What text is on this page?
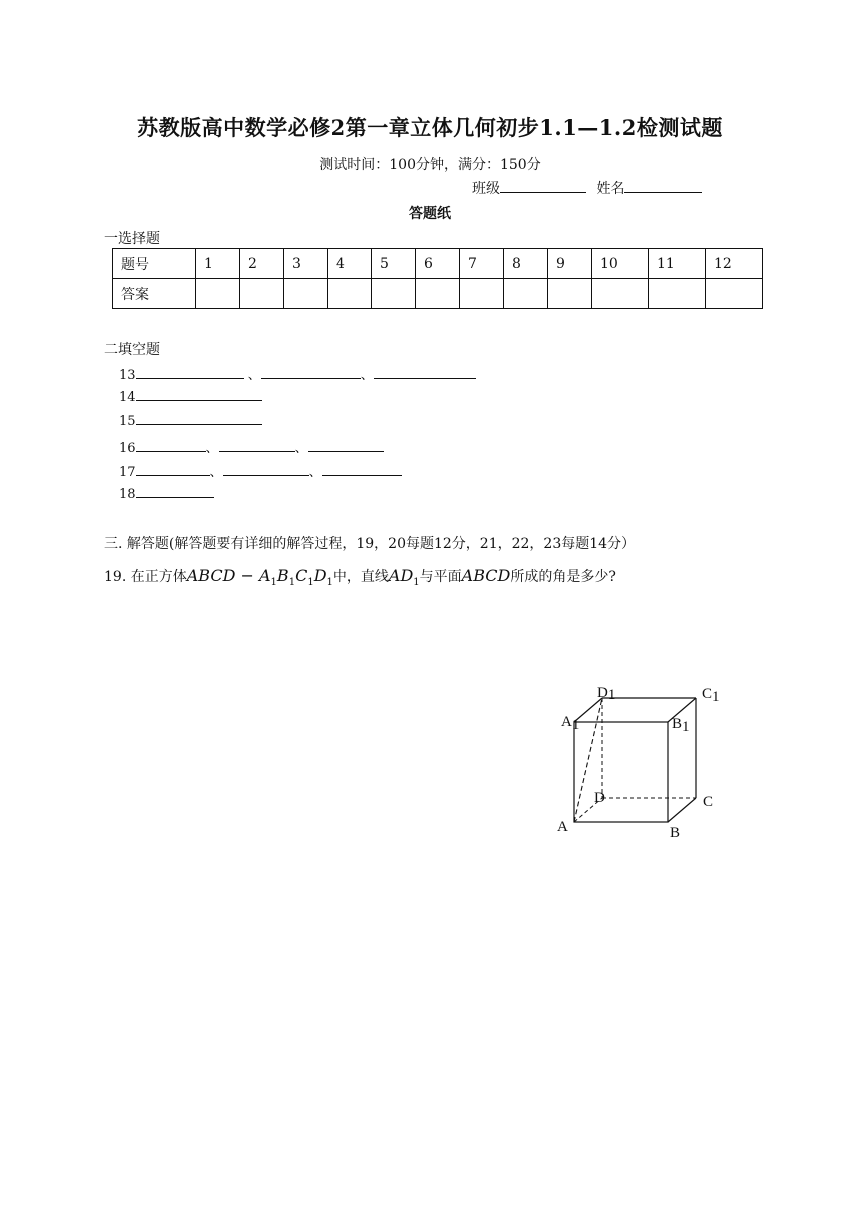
苏教版高中数学必修2第一章立体几何初步1.1—1.2检测试题
测试时间：100分钟，满分：150分
班级	姓名
答题纸
一选择题
题号	1	2	3	4	5	6	7	8	9	10	11	12
答案												
二填空题
13	、	、
14
15
16	、	、
17	、	、
18
三. 解答题(解答题要有详细的解答过程，19，20每题12分，21，22，23每题14分）
19. 在正方体ABCD − $A_1B_1C_1D_1$中，直线$AD_1$与平面ABCD所成的角是多少?
D1	C1
A1	B1
D	C
A	B
